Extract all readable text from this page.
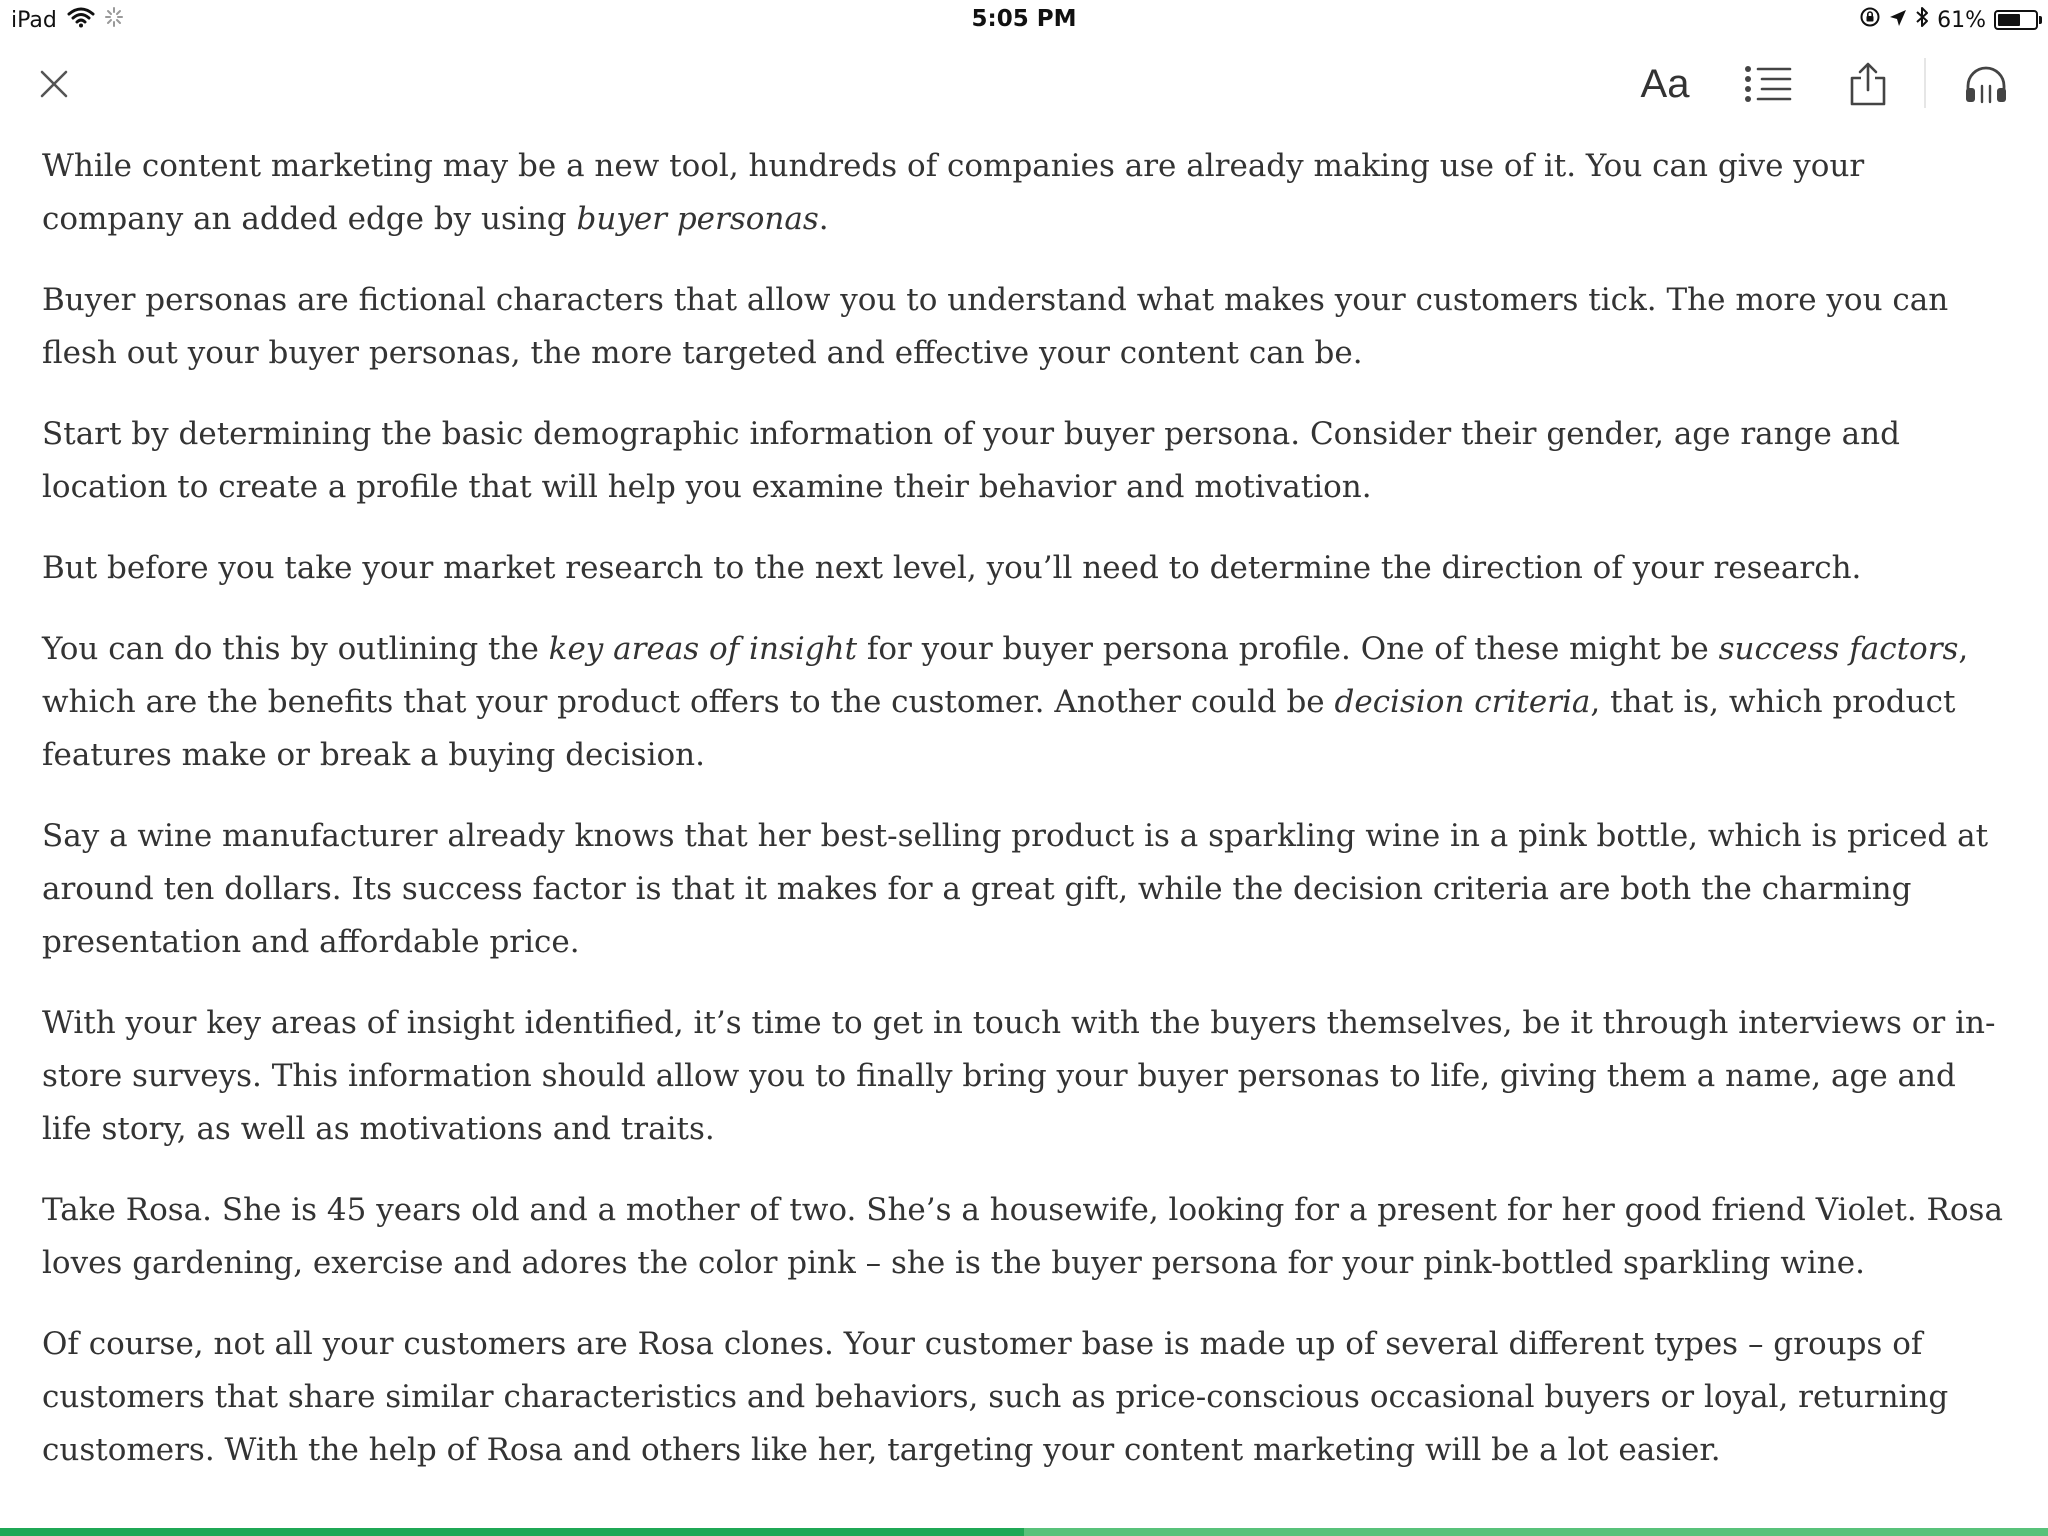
iPad	5:05 PM	61%
Aa

While content marketing may be a new tool, hundreds of companies are already making use of it. You can give your company an added edge by using buyer personas.

Buyer personas are fictional characters that allow you to understand what makes your customers tick. The more you can flesh out your buyer personas, the more targeted and effective your content can be.

Start by determining the basic demographic information of your buyer persona. Consider their gender, age range and location to create a profile that will help you examine their behavior and motivation.

But before you take your market research to the next level, you’ll need to determine the direction of your research.

You can do this by outlining the key areas of insight for your buyer persona profile. One of these might be success factors, which are the benefits that your product offers to the customer. Another could be decision criteria, that is, which product features make or break a buying decision.

Say a wine manufacturer already knows that her best-selling product is a sparkling wine in a pink bottle, which is priced at around ten dollars. Its success factor is that it makes for a great gift, while the decision criteria are both the charming presentation and affordable price.

With your key areas of insight identified, it’s time to get in touch with the buyers themselves, be it through interviews or in-store surveys. This information should allow you to finally bring your buyer personas to life, giving them a name, age and life story, as well as motivations and traits.

Take Rosa. She is 45 years old and a mother of two. She’s a housewife, looking for a present for her good friend Violet. Rosa loves gardening, exercise and adores the color pink – she is the buyer persona for your pink-bottled sparkling wine.

Of course, not all your customers are Rosa clones. Your customer base is made up of several different types – groups of customers that share similar characteristics and behaviors, such as price-conscious occasional buyers or loyal, returning customers. With the help of Rosa and others like her, targeting your content marketing will be a lot easier.
